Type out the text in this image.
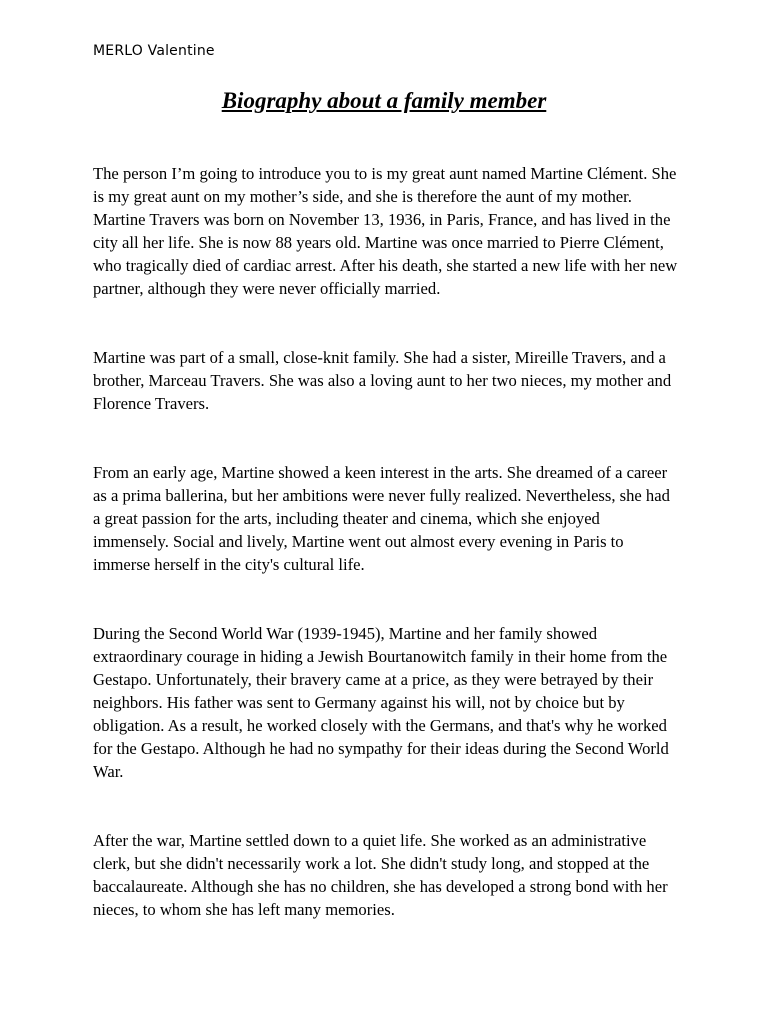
MERLO Valentine
Biography about a family member

The person I’m going to introduce you to is my great aunt named Martine Clément. She is my great aunt on my mother’s side, and she is therefore the aunt of my mother. Martine Travers was born on November 13, 1936, in Paris, France, and has lived in the city all her life. She is now 88 years old. Martine was once married to Pierre Clément, who tragically died of cardiac arrest. After his death, she started a new life with her new partner, although they were never officially married.

Martine was part of a small, close-knit family. She had a sister, Mireille Travers, and a brother, Marceau Travers. She was also a loving aunt to her two nieces, my mother and Florence Travers.

From an early age, Martine showed a keen interest in the arts. She dreamed of a career as a prima ballerina, but her ambitions were never fully realized. Nevertheless, she had a great passion for the arts, including theater and cinema, which she enjoyed immensely. Social and lively, Martine went out almost every evening in Paris to immerse herself in the city's cultural life.

During the Second World War (1939-1945), Martine and her family showed extraordinary courage in hiding a Jewish Bourtanowitch family in their home from the Gestapo. Unfortunately, their bravery came at a price, as they were betrayed by their neighbors. His father was sent to Germany against his will, not by choice but by obligation. As a result, he worked closely with the Germans, and that's why he worked for the Gestapo. Although he had no sympathy for their ideas during the Second World War.

After the war, Martine settled down to a quiet life. She worked as an administrative clerk, but she didn't necessarily work a lot. She didn't study long, and stopped at the baccalaureate. Although she has no children, she has developed a strong bond with her nieces, to whom she has left many memories.
